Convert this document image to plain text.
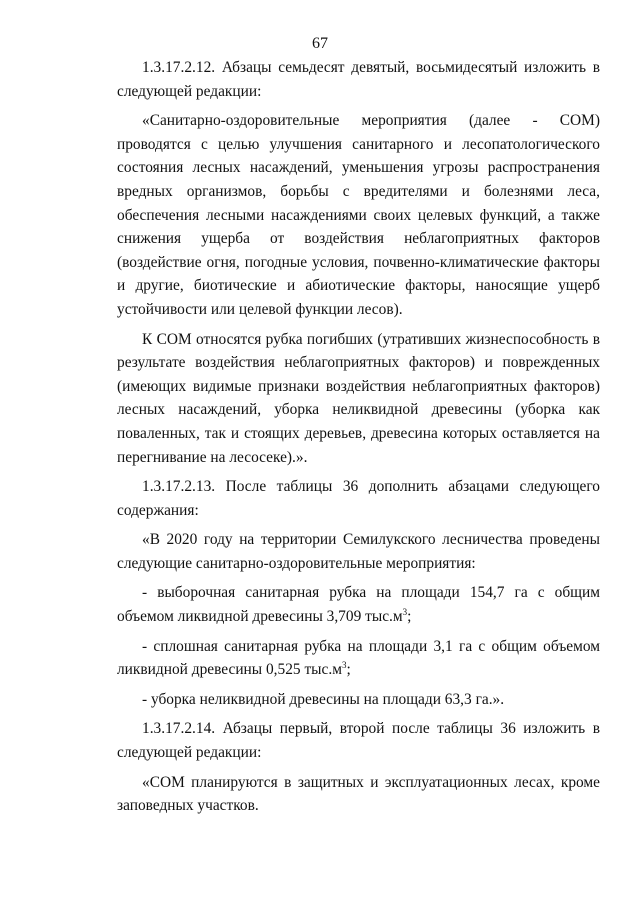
67

1.3.17.2.12. Абзацы семьдесят девятый, восьмидесятый изложить в следующей редакции:

«Санитарно-оздоровительные мероприятия (далее - СОМ) проводятся с целью улучшения санитарного и лесопатологического состояния лесных насаждений, уменьшения угрозы распространения вредных организмов, борьбы с вредителями и болезнями леса, обеспечения лесными насаждениями своих целевых функций, а также снижения ущерба от воздействия неблагоприятных факторов (воздействие огня, погодные условия, почвенно-климатические факторы и другие, биотические и абиотические факторы, наносящие ущерб устойчивости или целевой функции лесов).

К СОМ относятся рубка погибших (утративших жизнеспособность в результате воздействия неблагоприятных факторов) и поврежденных (имеющих видимые признаки воздействия неблагоприятных факторов) лесных насаждений, уборка неликвидной древесины (уборка как поваленных, так и стоящих деревьев, древесина которых оставляется на перегнивание на лесосеке).».

1.3.17.2.13. После таблицы 36 дополнить абзацами следующего содержания:

«В 2020 году на территории Семилукского лесничества проведены следующие санитарно-оздоровительные мероприятия:

- выборочная санитарная рубка на площади 154,7 га с общим объемом ликвидной древесины 3,709 $тыс.м^3$;

- сплошная санитарная рубка на площади 3,1 га с общим объемом ликвидной древесины 0,525 $тыс.м^3$;

- уборка неликвидной древесины на площади 63,3 га.».

1.3.17.2.14. Абзацы первый, второй после таблицы 36 изложить в следующей редакции:

«СОМ планируются в защитных и эксплуатационных лесах, кроме заповедных участков.
